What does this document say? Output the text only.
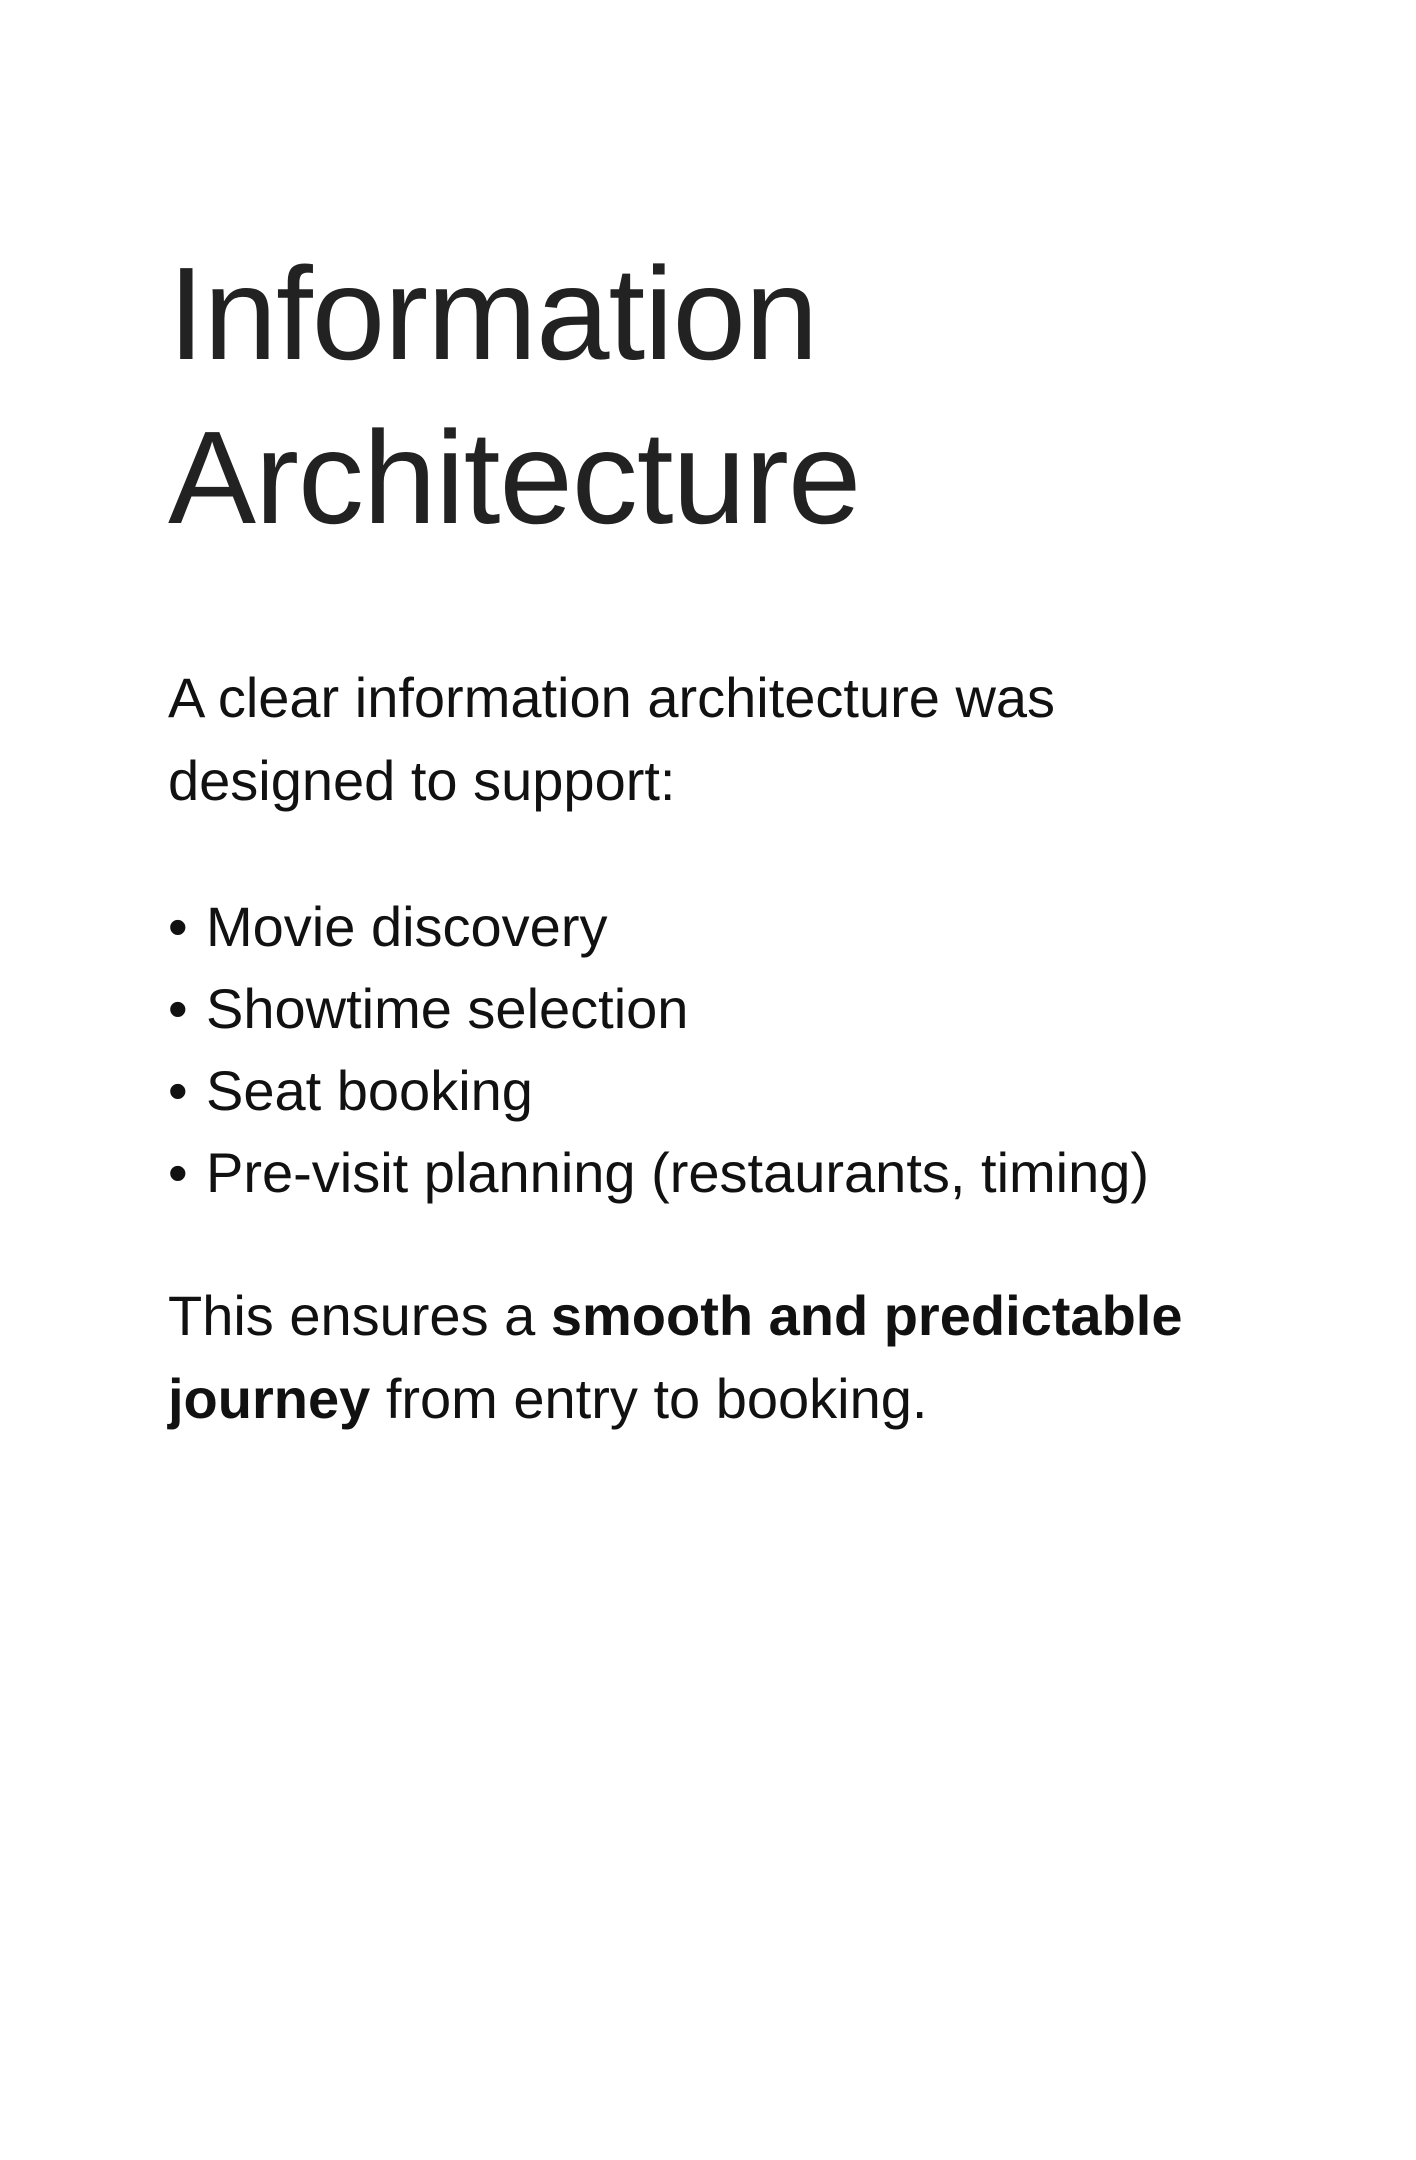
Information
Architecture

A clear information architecture was
designed to support:

• Movie discovery
• Showtime selection
• Seat booking
• Pre-visit planning (restaurants, timing)

This ensures a smooth and predictable
journey from entry to booking.
